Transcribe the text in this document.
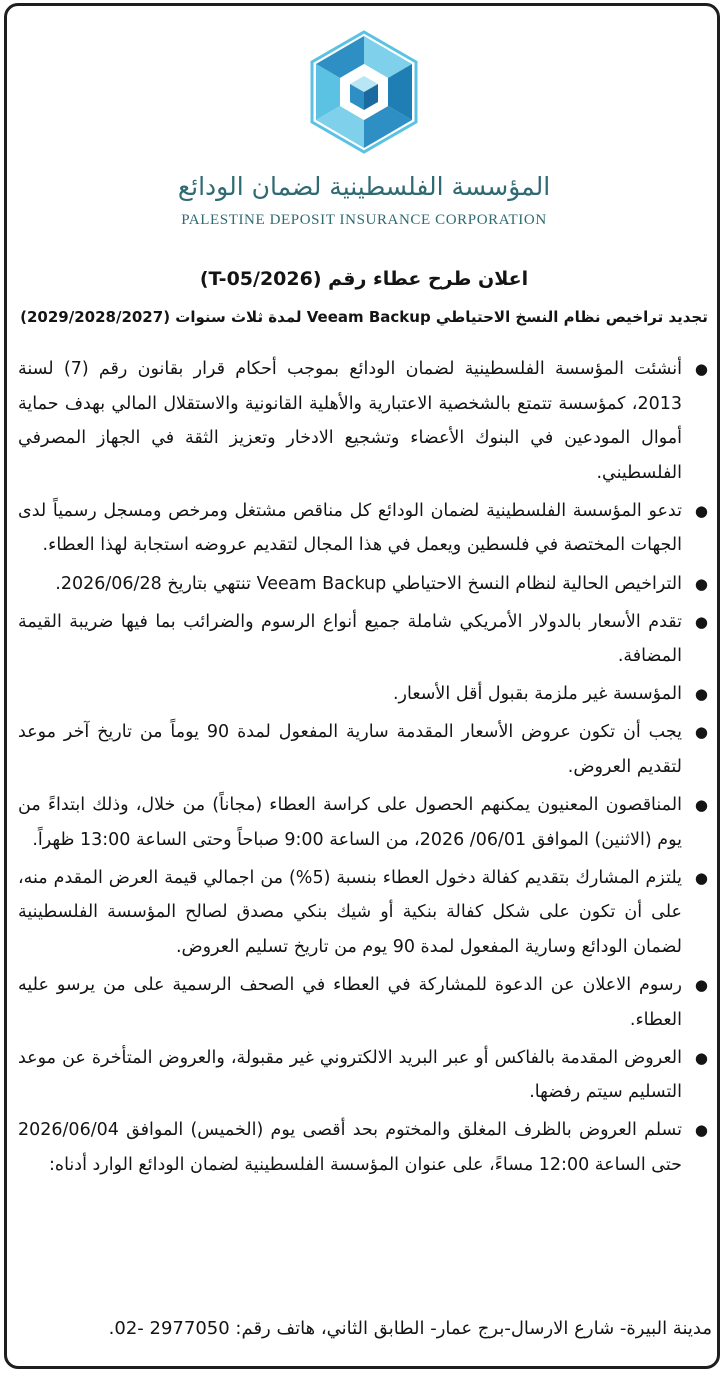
المؤسسة الفلسطينية لضمان الودائع
PALESTINE DEPOSIT INSURANCE CORPORATION
اعلان طرح عطاء رقم (T-05/2026)
تجديد تراخيص نظام النسخ الاحتياطي Veeam Backup لمدة ثلاث سنوات (2029/2028/2027)
●
أنشئت المؤسسة الفلسطينية لضمان الودائع بموجب أحكام قرار بقانون رقم (7) لسنة 2013، كمؤسسة تتمتع بالشخصية الاعتبارية والأهلية القانونية والاستقلال المالي بهدف حماية أموال المودعين في البنوك الأعضاء وتشجيع الادخار وتعزيز الثقة في الجهاز المصرفي الفلسطيني.
●
تدعو المؤسسة الفلسطينية لضمان الودائع كل مناقص مشتغل ومرخص ومسجل رسمياً لدى الجهات المختصة في فلسطين ويعمل في هذا المجال لتقديم عروضه استجابة لهذا العطاء.
●
التراخيص الحالية لنظام النسخ الاحتياطي Veeam Backup تنتهي بتاريخ 2026/06/28.
●
تقدم الأسعار بالدولار الأمريكي شاملة جميع أنواع الرسوم والضرائب بما فيها ضريبة القيمة المضافة.
●
المؤسسة غير ملزمة بقبول أقل الأسعار.
●
يجب أن تكون عروض الأسعار المقدمة سارية المفعول لمدة 90 يوماً من تاريخ آخر موعد لتقديم العروض.
●
المناقصون المعنيون يمكنهم الحصول على كراسة العطاء (مجاناً) من خلال، وذلك ابتداءً من يوم (الاثنين) الموافق 06/01/ 2026، من الساعة 9:00 صباحاً وحتى الساعة 13:00 ظهراً.
●
يلتزم المشارك بتقديم كفالة دخول العطاء بنسبة (5%) من اجمالي قيمة العرض المقدم منه، على أن تكون على شكل كفالة بنكية أو شيك بنكي مصدق لصالح المؤسسة الفلسطينية لضمان الودائع وسارية المفعول لمدة 90 يوم من تاريخ تسليم العروض.
●
رسوم الاعلان عن الدعوة للمشاركة في العطاء في الصحف الرسمية على من يرسو عليه العطاء.
●
العروض المقدمة بالفاكس أو عبر البريد الالكتروني غير مقبولة، والعروض المتأخرة عن موعد التسليم سيتم رفضها.
●
تسلم العروض بالظرف المغلق والمختوم بحد أقصى يوم (الخميس) الموافق 2026/06/04 حتى الساعة 12:00 مساءً، على عنوان المؤسسة الفلسطينية لضمان الودائع الوارد أدناه:
مدينة البيرة- شارع الارسال-برج عمار- الطابق الثاني، هاتف رقم: 2977050 -02.
